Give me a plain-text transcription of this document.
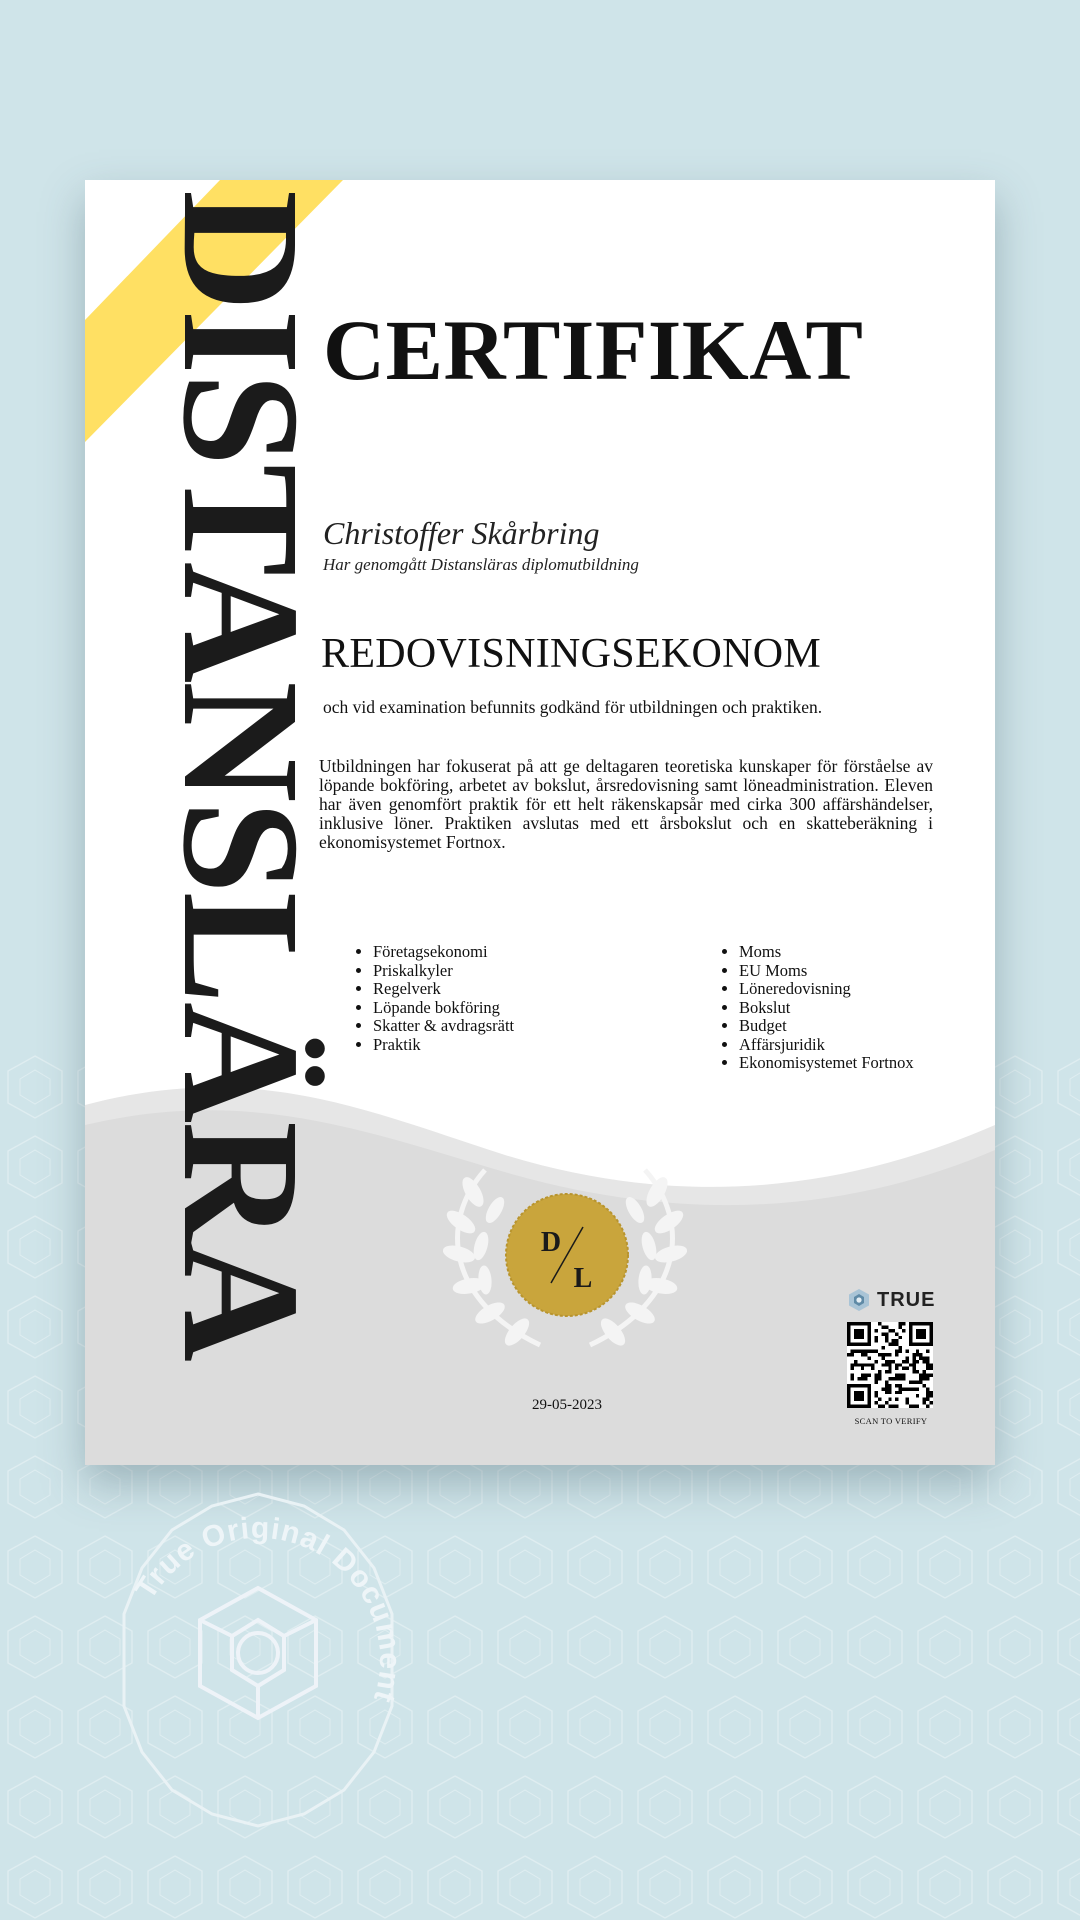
DISTANSLÄRA
CERTIFIKAT
Christoffer Skårbring
Har genomgått Distansläras diplomutbildning
REDOVISNINGSEKONOM
och vid examination befunnits godkänd för utbildningen och praktiken.
Utbildningen har fokuserat på att ge deltagaren teoretiska kunskaper för förståelse av löpande bokföring, arbetet av bokslut, årsredovisning samt löneadministration. Eleven har även genomfört praktik för ett helt räkenskapsår med cirka 300 affärshändelser, inklusive löner. Praktiken avslutas med ett årsbokslut och en skatteberäkning i ekonomisystemet Fortnox.
• Företagsekonomi
• Priskalkyler
• Regelverk
• Löpande bokföring
• Skatter & avdragsrätt
• Praktik
• Moms
• EU Moms
• Löneredovisning
• Bokslut
• Budget
• Affärsjuridik
• Ekonomisystemet Fortnox
D
L
29-05-2023
TRUE
SCAN TO VERIFY
True Original Document
